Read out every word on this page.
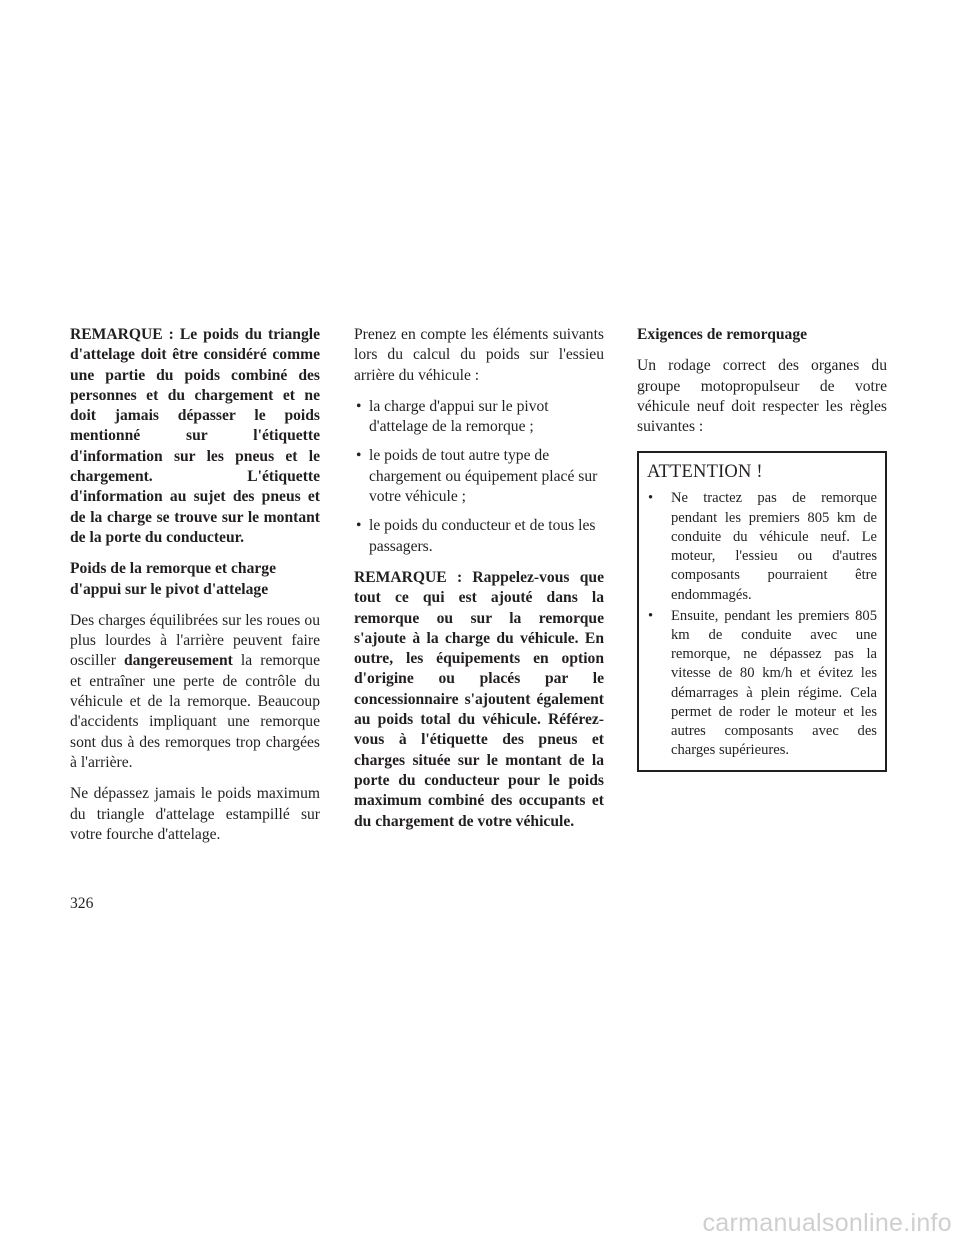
REMARQUE : Le poids du triangle d'attelage doit être considéré comme une partie du poids combiné des personnes et du chargement et ne doit jamais dépasser le poids mentionné sur l'étiquette d'information sur les pneus et le chargement. L'étiquette d'information au sujet des pneus et de la charge se trouve sur le montant de la porte du conducteur.

Poids de la remorque et charge d'appui sur le pivot d'attelage

Des charges équilibrées sur les roues ou plus lourdes à l'arrière peuvent faire osciller dangereusement la remorque et entraîner une perte de contrôle du véhicule et de la remorque. Beaucoup d'accidents impliquant une remorque sont dus à des remorques trop chargées à l'arrière.

Ne dépassez jamais le poids maximum du triangle d'attelage estampillé sur votre fourche d'attelage.

Prenez en compte les éléments suivants lors du calcul du poids sur l'essieu arrière du véhicule :

• la charge d'appui sur le pivot d'attelage de la remorque ;
• le poids de tout autre type de chargement ou équipement placé sur votre véhicule ;
• le poids du conducteur et de tous les passagers.

REMARQUE : Rappelez-vous que tout ce qui est ajouté dans la remorque ou sur la remorque s'ajoute à la charge du véhicule. En outre, les équipements en option d'origine ou placés par le concessionnaire s'ajoutent également au poids total du véhicule. Référez-vous à l'étiquette des pneus et charges située sur le montant de la porte du conducteur pour le poids maximum combiné des occupants et du chargement de votre véhicule.

Exigences de remorquage

Un rodage correct des organes du groupe motopropulseur de votre véhicule neuf doit respecter les règles suivantes :

ATTENTION !
• Ne tractez pas de remorque pendant les premiers 805 km de conduite du véhicule neuf. Le moteur, l'essieu ou d'autres composants pourraient être endommagés.
• Ensuite, pendant les premiers 805 km de conduite avec une remorque, ne dépassez pas la vitesse de 80 km/h et évitez les démarrages à plein régime. Cela permet de roder le moteur et les autres composants avec des charges supérieures.
326
carmanualsonline.info
